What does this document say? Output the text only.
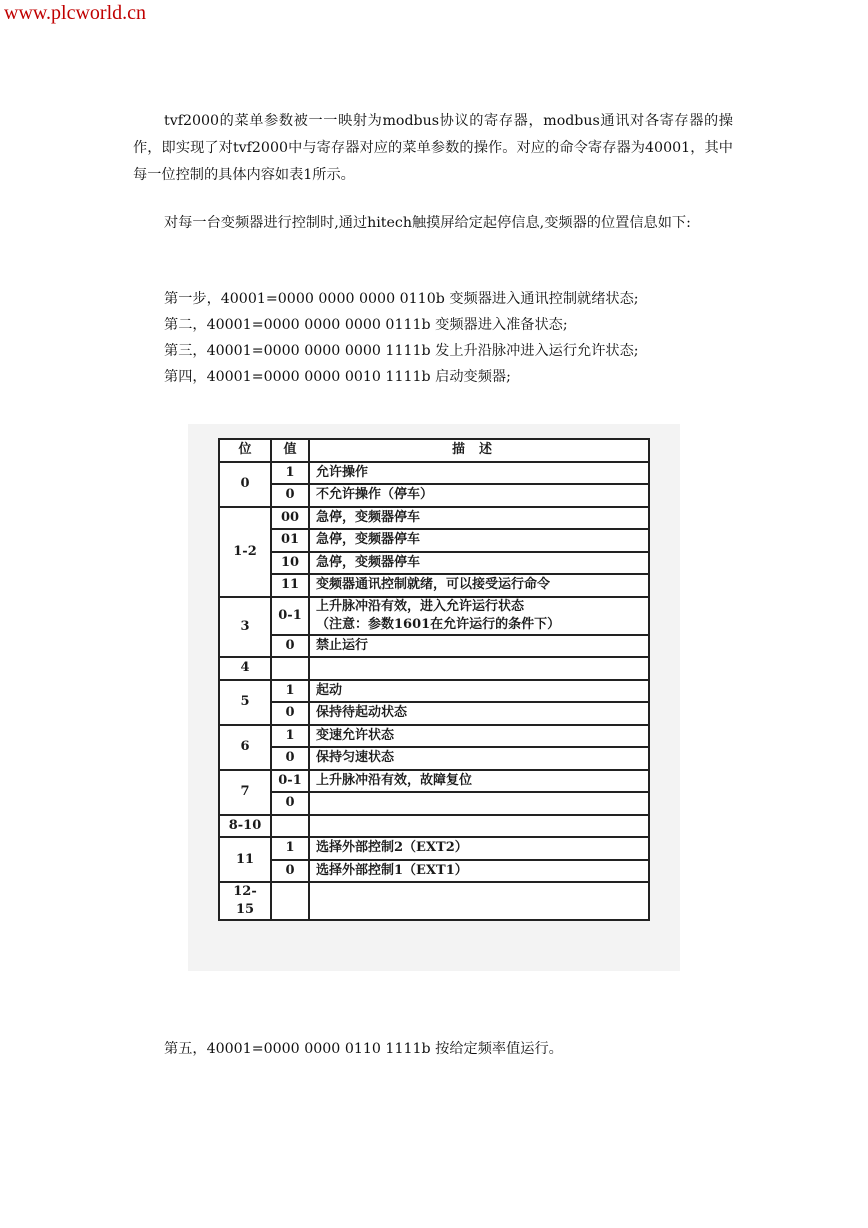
www.plcworld.cn

tvf2000的菜单参数被一一映射为modbus协议的寄存器，modbus通讯对各寄存器的操作，即实现了对tvf2000中与寄存器对应的菜单参数的操作。对应的命令寄存器为40001，其中每一位控制的具体内容如表1所示。

对每一台变频器进行控制时,通过hitech触摸屏给定起停信息,变频器的位置信息如下:

第一步，40001=0000 0000 0000 0110b 变频器进入通讯控制就绪状态;
第二，40001=0000 0000 0000 0111b 变频器进入准备状态;
第三，40001=0000 0000 0000 1111b 发上升沿脉冲进入运行允许状态;
第四，40001=0000 0000 0010 1111b 启动变频器;
位	值	描述
0	1	允许操作
	0	不允许操作（停车）
1-2	00	急停，变频器停车
	01	急停，变频器停车
	10	急停，变频器停车
	11	变频器通讯控制就绪，可以接受运行命令
3	0-1	上升脉冲沿有效，进入允许运行状态
（注意：参数1601在允许运行的条件下）

	0	禁止运行
4		
5	1	起动
	0	保持待起动状态
6	1	变速允许状态
	0	保持匀速状态
7	0-1	上升脉冲沿有效，故障复位
	0	
8-10		
11	1	选择外部控制2（EXT2）
	0	选择外部控制1（EXT1）
12-15		
第五，40001=0000 0000 0110 1111b 按给定频率值运行。
